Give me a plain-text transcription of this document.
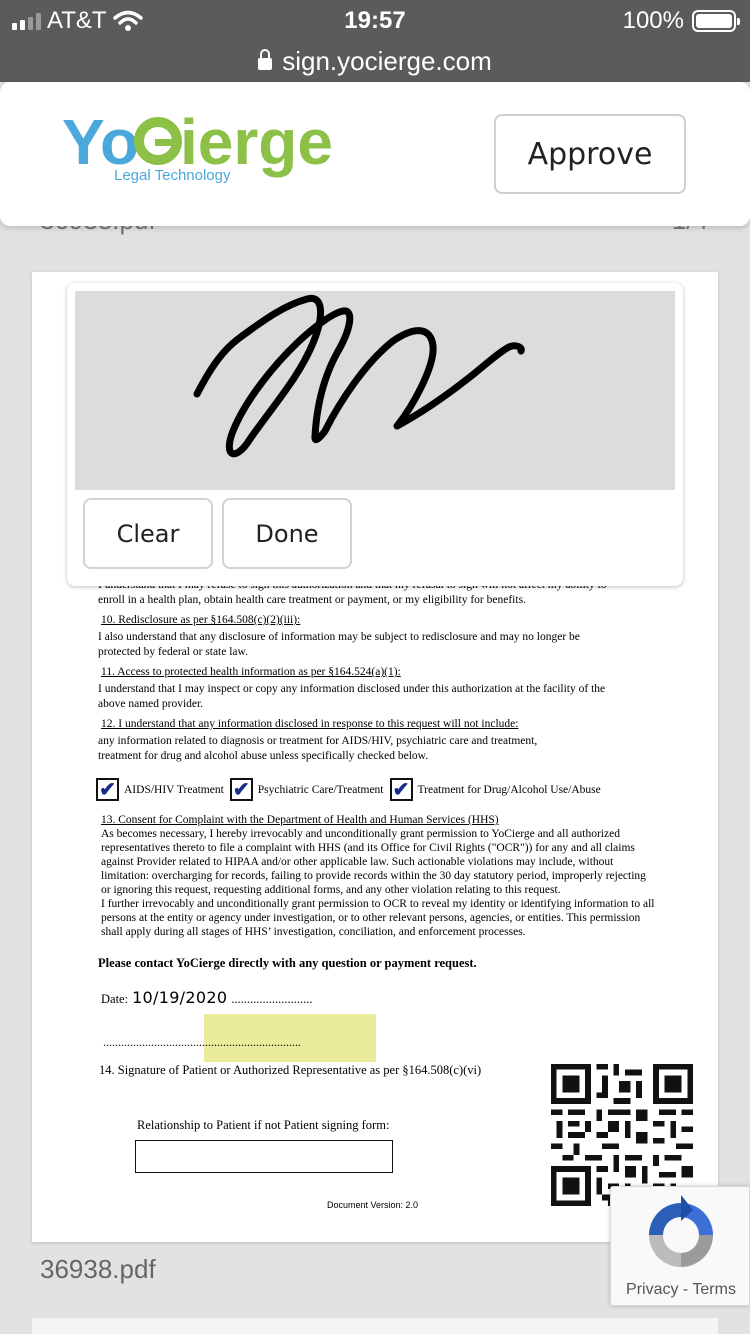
AT&T	19:57	100%
sign.yocierge.com
enroll in a health plan, obtain health care treatment or payment, or my eligibility for benefits.
10. Redisclosure as per §164.508(c)(2)(iii):
I also understand that any disclosure of information may be subject to redisclosure and may no longer be
protected by federal or state law.
11. Access to protected health information as per §164.524(a)(1):
I understand that I may inspect or copy any information disclosed under this authorization at the facility of the
above named provider.
12. I understand that any information disclosed in response to this request will not include:
any information related to diagnosis or treatment for AIDS/HIV, psychiatric care and treatment,
treatment for drug and alcohol abuse unless specifically checked below.
✔ AIDS/HIV Treatment ✔ Psychiatric Care/Treatment ✔ Treatment for Drug/Alcohol Use/Abuse
13. Consent for Complaint with the Department of Health and Human Services (HHS)
As becomes necessary, I hereby irrevocably and unconditionally grant permission to YoCierge and all authorized
representatives thereto to file a complaint with HHS (and its Office for Civil Rights ("OCR")) for any and all claims
against Provider related to HIPAA and/or other applicable law. Such actionable violations may include, without
limitation: overcharging for records, failing to provide records within the 30 day statutory period, improperly rejecting
or ignoring this request, requesting additional forms, and any other violation relating to this request.
I further irrevocably and unconditionally grant permission to OCR to reveal my identity or identifying information to all
persons at the entity or agency under investigation, or to other relevant persons, agencies, or entities. This permission
shall apply during all stages of HHS’ investigation, conciliation, and enforcement processes.
Please contact YoCierge directly with any question or payment request.
Date: 10/19/2020 ..........................
..................................................................
14. Signature of Patient or Authorized Representative as per §164.508(c)(vi)
Relationship to Patient if not Patient signing form:
Document Version: 2.0
Yo ierge
Legal Technology
Approve
Clear	Done
36938.pdf
Privacy - Terms
